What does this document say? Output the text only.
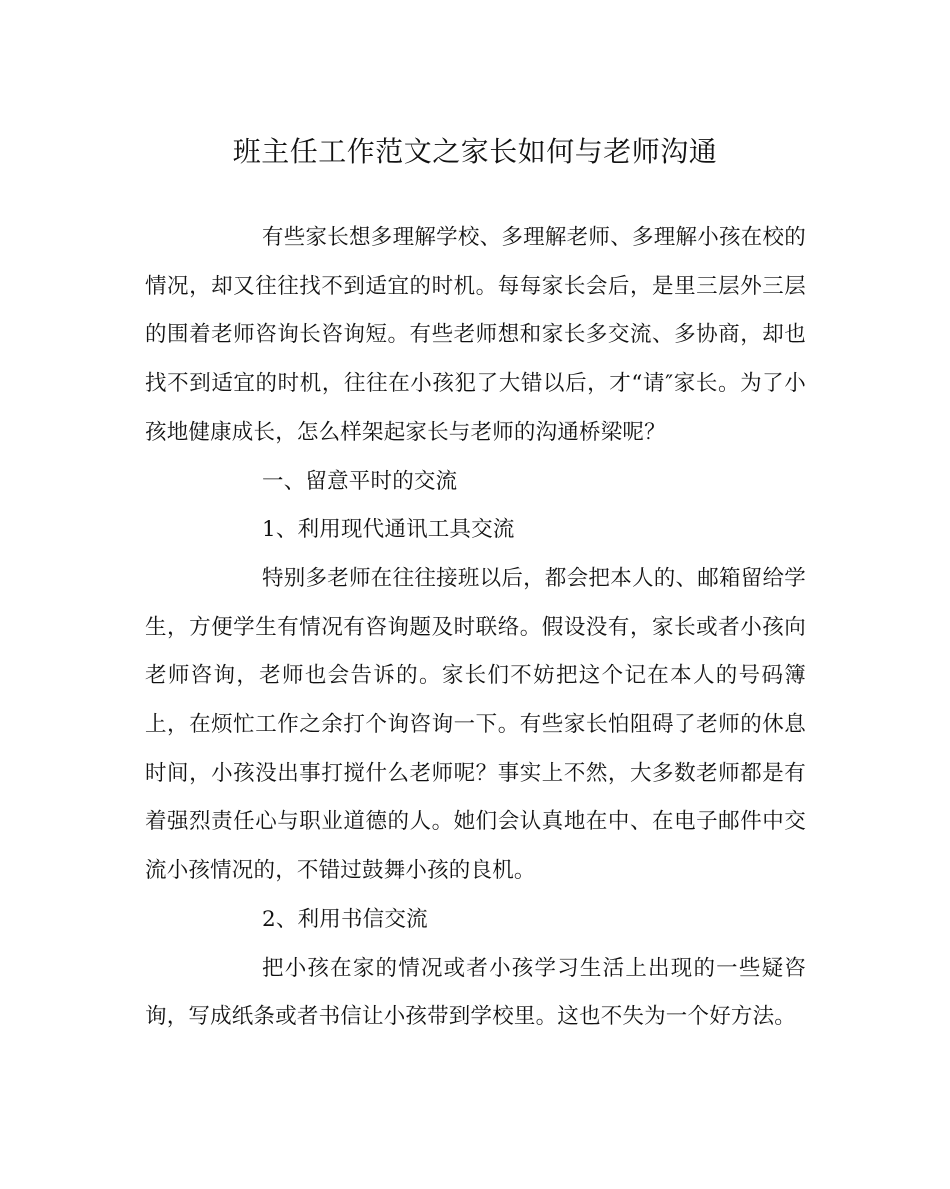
班主任工作范文之家长如何与老师沟通

有些家长想多理解学校、多理解老师、多理解小孩在校的情况，却又往往找不到适宜的时机。每每家长会后，是里三层外三层的围着老师咨询长咨询短。有些老师想和家长多交流、多协商，却也找不到适宜的时机，往往在小孩犯了大错以后，才“请″家长。为了小孩地健康成长，怎么样架起家长与老师的沟通桥梁呢？

一、留意平时的交流

1、利用现代通讯工具交流

特别多老师在往往接班以后，都会把本人的、邮箱留给学生，方便学生有情况有咨询题及时联络。假设没有，家长或者小孩向老师咨询，老师也会告诉的。家长们不妨把这个记在本人的号码簿上，在烦忙工作之余打个询咨询一下。有些家长怕阻碍了老师的休息时间，小孩没出事打搅什么老师呢？事实上不然，大多数老师都是有着强烈责任心与职业道德的人。她们会认真地在中、在电子邮件中交流小孩情况的，不错过鼓舞小孩的良机。

2、利用书信交流

把小孩在家的情况或者小孩学习生活上出现的一些疑咨询，写成纸条或者书信让小孩带到学校里。这也不失为一个好方法。
